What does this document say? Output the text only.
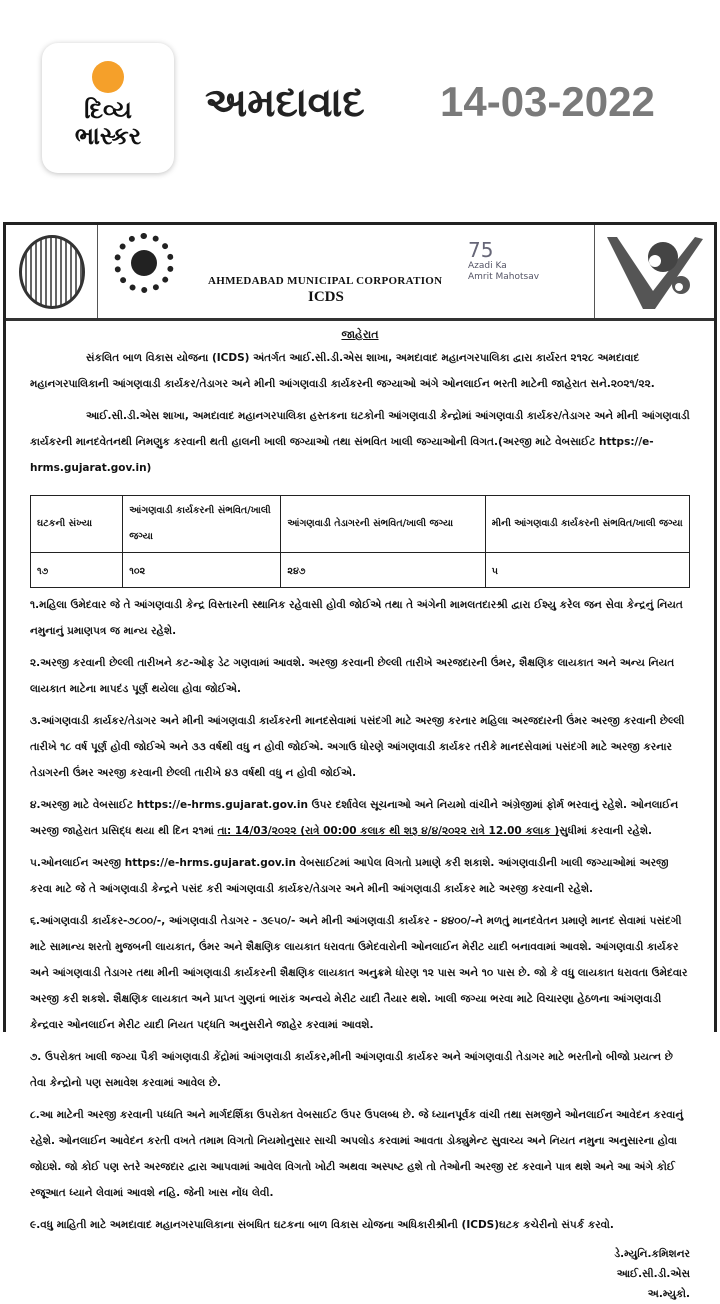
દિવ્ય
ભાસ્કર
અમદાવાદ 14-03-2022
AHMEDABAD MUNICIPAL CORPORATION
ICDS
75
Azadi Ka
Amrit Mahotsav
જાહેરાત

સંકલિત બાળ વિકાસ યોજના (ICDS) અંતર્ગત આઈ.સી.ડી.એસ શાખા, અમદાવાદ મહાનગરપાલિકા દ્વારા કાર્યરત ૨૧૨૮ અમદાવાદ મહાનગરપાલિકાની આંગણવાડી કાર્યકર/તેડાગર અને મીની આંગણવાડી કાર્યકરની જગ્યાઓ અંગે ઓનલાઈન ભરતી માટેની જાહેરાત સને.૨૦૨૧/૨૨.

આઈ.સી.ડી.એસ શાખા, અમદાવાદ મહાનગરપાલિકા હસ્તકના ઘટકોની આંગણવાડી કેન્દ્રોમાં આંગણવાડી કાર્યકર/તેડાગર અને મીની આંગણવાડી કાર્યકરની માનદવેતનથી નિમણુક કરવાની થતી હાલની ખાલી જગ્યાઓ તથા સંભવિત ખાલી જગ્યાઓની વિગત.(અરજી માટે વેબસાઈટ https://e-hrms.gujarat.gov.in)

ઘટકની સંખ્યા	આંગણવાડી કાર્યકરની સંભવિત/ખાલી જગ્યા	આંગણવાડી તેડાગરની સંભવિત/ખાલી જગ્યા	મીની આંગણવાડી કાર્યકરની સંભવિત/ખાલી જગ્યા
૧૭	૧૦૨	૨૪૭	૫

૧.મહિલા ઉમેદવાર જે તે આંગણવાડી કેન્દ્ર વિસ્તારની સ્થાનિક રહેવાસી હોવી જોઈએ તથા તે અંગેની મામલતદારશ્રી દ્વારા ઈશ્યુ કરેલ જન સેવા કેન્દ્રનું નિયત નમુનાનું પ્રમાણપત્ર જ માન્ય રહેશે.

૨.અરજી કરવાની છેલ્લી તારીખને કટ-ઓફ ડેટ ગણવામાં આવશે. અરજી કરવાની છેલ્લી તારીખે અરજદારની ઉંમર, શૈક્ષણિક લાયકાત અને અન્ય નિયત લાયકાત માટેના માપદંડ પૂર્ણ થયેલા હોવા જોઈએ.

૩.આંગણવાડી કાર્યકર/તેડાગર અને મીની આંગણવાડી કાર્યકરની માનદસેવામાં પસંદગી માટે અરજી કરનાર મહિલા અરજદારની ઉંમર અરજી કરવાની છેલ્લી તારીખે ૧૮ વર્ષ પૂર્ણ હોવી જોઈએ અને ૩૩ વર્ષથી વધુ ન હોવી જોઈએ. અગાઉ ધોરણે આંગણવાડી કાર્યકર તરીકે માનદસેવામાં પસંદગી માટે અરજી કરનાર તેડાગરની ઉંમર અરજી કરવાની છેલ્લી તારીખે ૪૩ વર્ષથી વધુ ન હોવી જોઈએ.

૪.અરજી માટે વેબસાઈટ https://e-hrms.gujarat.gov.in ઉપર દર્શાવેલ સૂચનાઓ અને નિયમો વાંચીને અંગ્રેજીમાં ફોર્મ ભરવાનું રહેશે. ઓનલાઈન અરજી જાહેરાત પ્રસિદ્ધ થયા થી દિન ૨૧માં તા: 14/03/૨૦૨૨ (રાત્રે 00:00 કલાક થી શરૂ ૪/૪/૨૦૨૨ રાત્રે 12.00 કલાક )સુધીમાં કરવાની રહેશે.

૫.ઓનલાઈન અરજી https://e-hrms.gujarat.gov.in વેબસાઈટમાં આપેલ વિગતો પ્રમાણે કરી શકાશે. આંગણવાડીની ખાલી જગ્યાઓમાં અરજી કરવા માટે જે તે આંગણવાડી કેન્દ્રને પસંદ કરી આંગણવાડી કાર્યકર/તેડાગર અને મીની આંગણવાડી કાર્યકર માટે અરજી કરવાની રહેશે.

૬.આંગણવાડી કાર્યકર-૭૮૦૦/-, આંગણવાડી તેડાગર - ૩૯૫૦/- અને મીની આંગણવાડી કાર્યકર - ૪૪૦૦/-ને મળતું માનદવેતન પ્રમાણે માનદ સેવામાં પસંદગી માટે સામાન્ય શરતો મુજબની લાયકાત, ઉંમર અને શૈક્ષણિક લાયકાત ધરાવતા ઉમેદવારોની ઓનલાઈન મેરીટ યાદી બનાવવામાં આવશે. આંગણવાડી કાર્યકર અને આંગણવાડી તેડાગર તથા મીની આંગણવાડી કાર્યકરની શૈક્ષણિક લાયકાત અનુક્રમે ધોરણ ૧૨ પાસ અને ૧૦ પાસ છે. જો કે વધુ લાયકાત ધરાવતા ઉમેદવાર અરજી કરી શકશે. શૈક્ષણિક લાયકાત અને પ્રાપ્ત ગુણનાં ભારાંક અન્વયે મેરીટ યાદી તૈયાર થશે. ખાલી જગ્યા ભરવા માટે વિચારણા હેઠળના આંગણવાડી કેન્દ્રવાર ઓનલાઈન મેરીટ યાદી નિયત પદ્ધતિ અનુસરીને જાહેર કરવામાં આવશે.

૭. ઉપરોક્ત ખાલી જગ્યા પૈકી આંગણવાડી કેંદ્રોમાં આંગણવાડી કાર્યકર,મીની આંગણવાડી કાર્યકર અને આંગણવાડી તેડાગર માટે ભરતીનો બીજો પ્રયત્ન છે તેવા કેન્દ્રોનો પણ સમાવેશ કરવામાં આવેલ છે.

૮.આ માટેની અરજી કરવાની પધ્ધતિ અને માર્ગદર્શિકા ઉપરોક્ત વેબસાઈટ ઉપર ઉપલબ્ધ છે. જે ધ્યાનપૂર્વક વાંચી તથા સમજીને ઓનલાઈન આવેદન કરવાનું રહેશે. ઓનલાઈન આવેદન કરતી વખતે તમામ વિગતો નિયમોનુસાર સાચી અપલોડ કરવામાં આવતા ડોક્યુમેન્ટ સુવાચ્ય અને નિયત નમુના અનુસારના હોવા જોઇશે. જો કોઈ પણ સ્તરે અરજદાર દ્વારા આપવામાં આવેલ વિગતો ખોટી અથવા અસ્પષ્ટ હશે તો તેઓની અરજી રદ કરવાને પાત્ર થશે અને આ અંગે કોઈ રજૂઆત ધ્યાને લેવામાં આવશે નહિ. જેની ખાસ નોંધ લેવી.

૯.વધુ માહિતી માટે અમદાવાદ મહાનગરપાલિકાના સંબધિત ઘટકના બાળ વિકાસ યોજના અધિકારીશ્રીની (ICDS)ઘટક કચેરીનો સંપર્ક કરવો.

ડે.મ્યુનિ.કમિશનર
આઈ.સી.ડી.એસ
અ.મ્યુકો.
